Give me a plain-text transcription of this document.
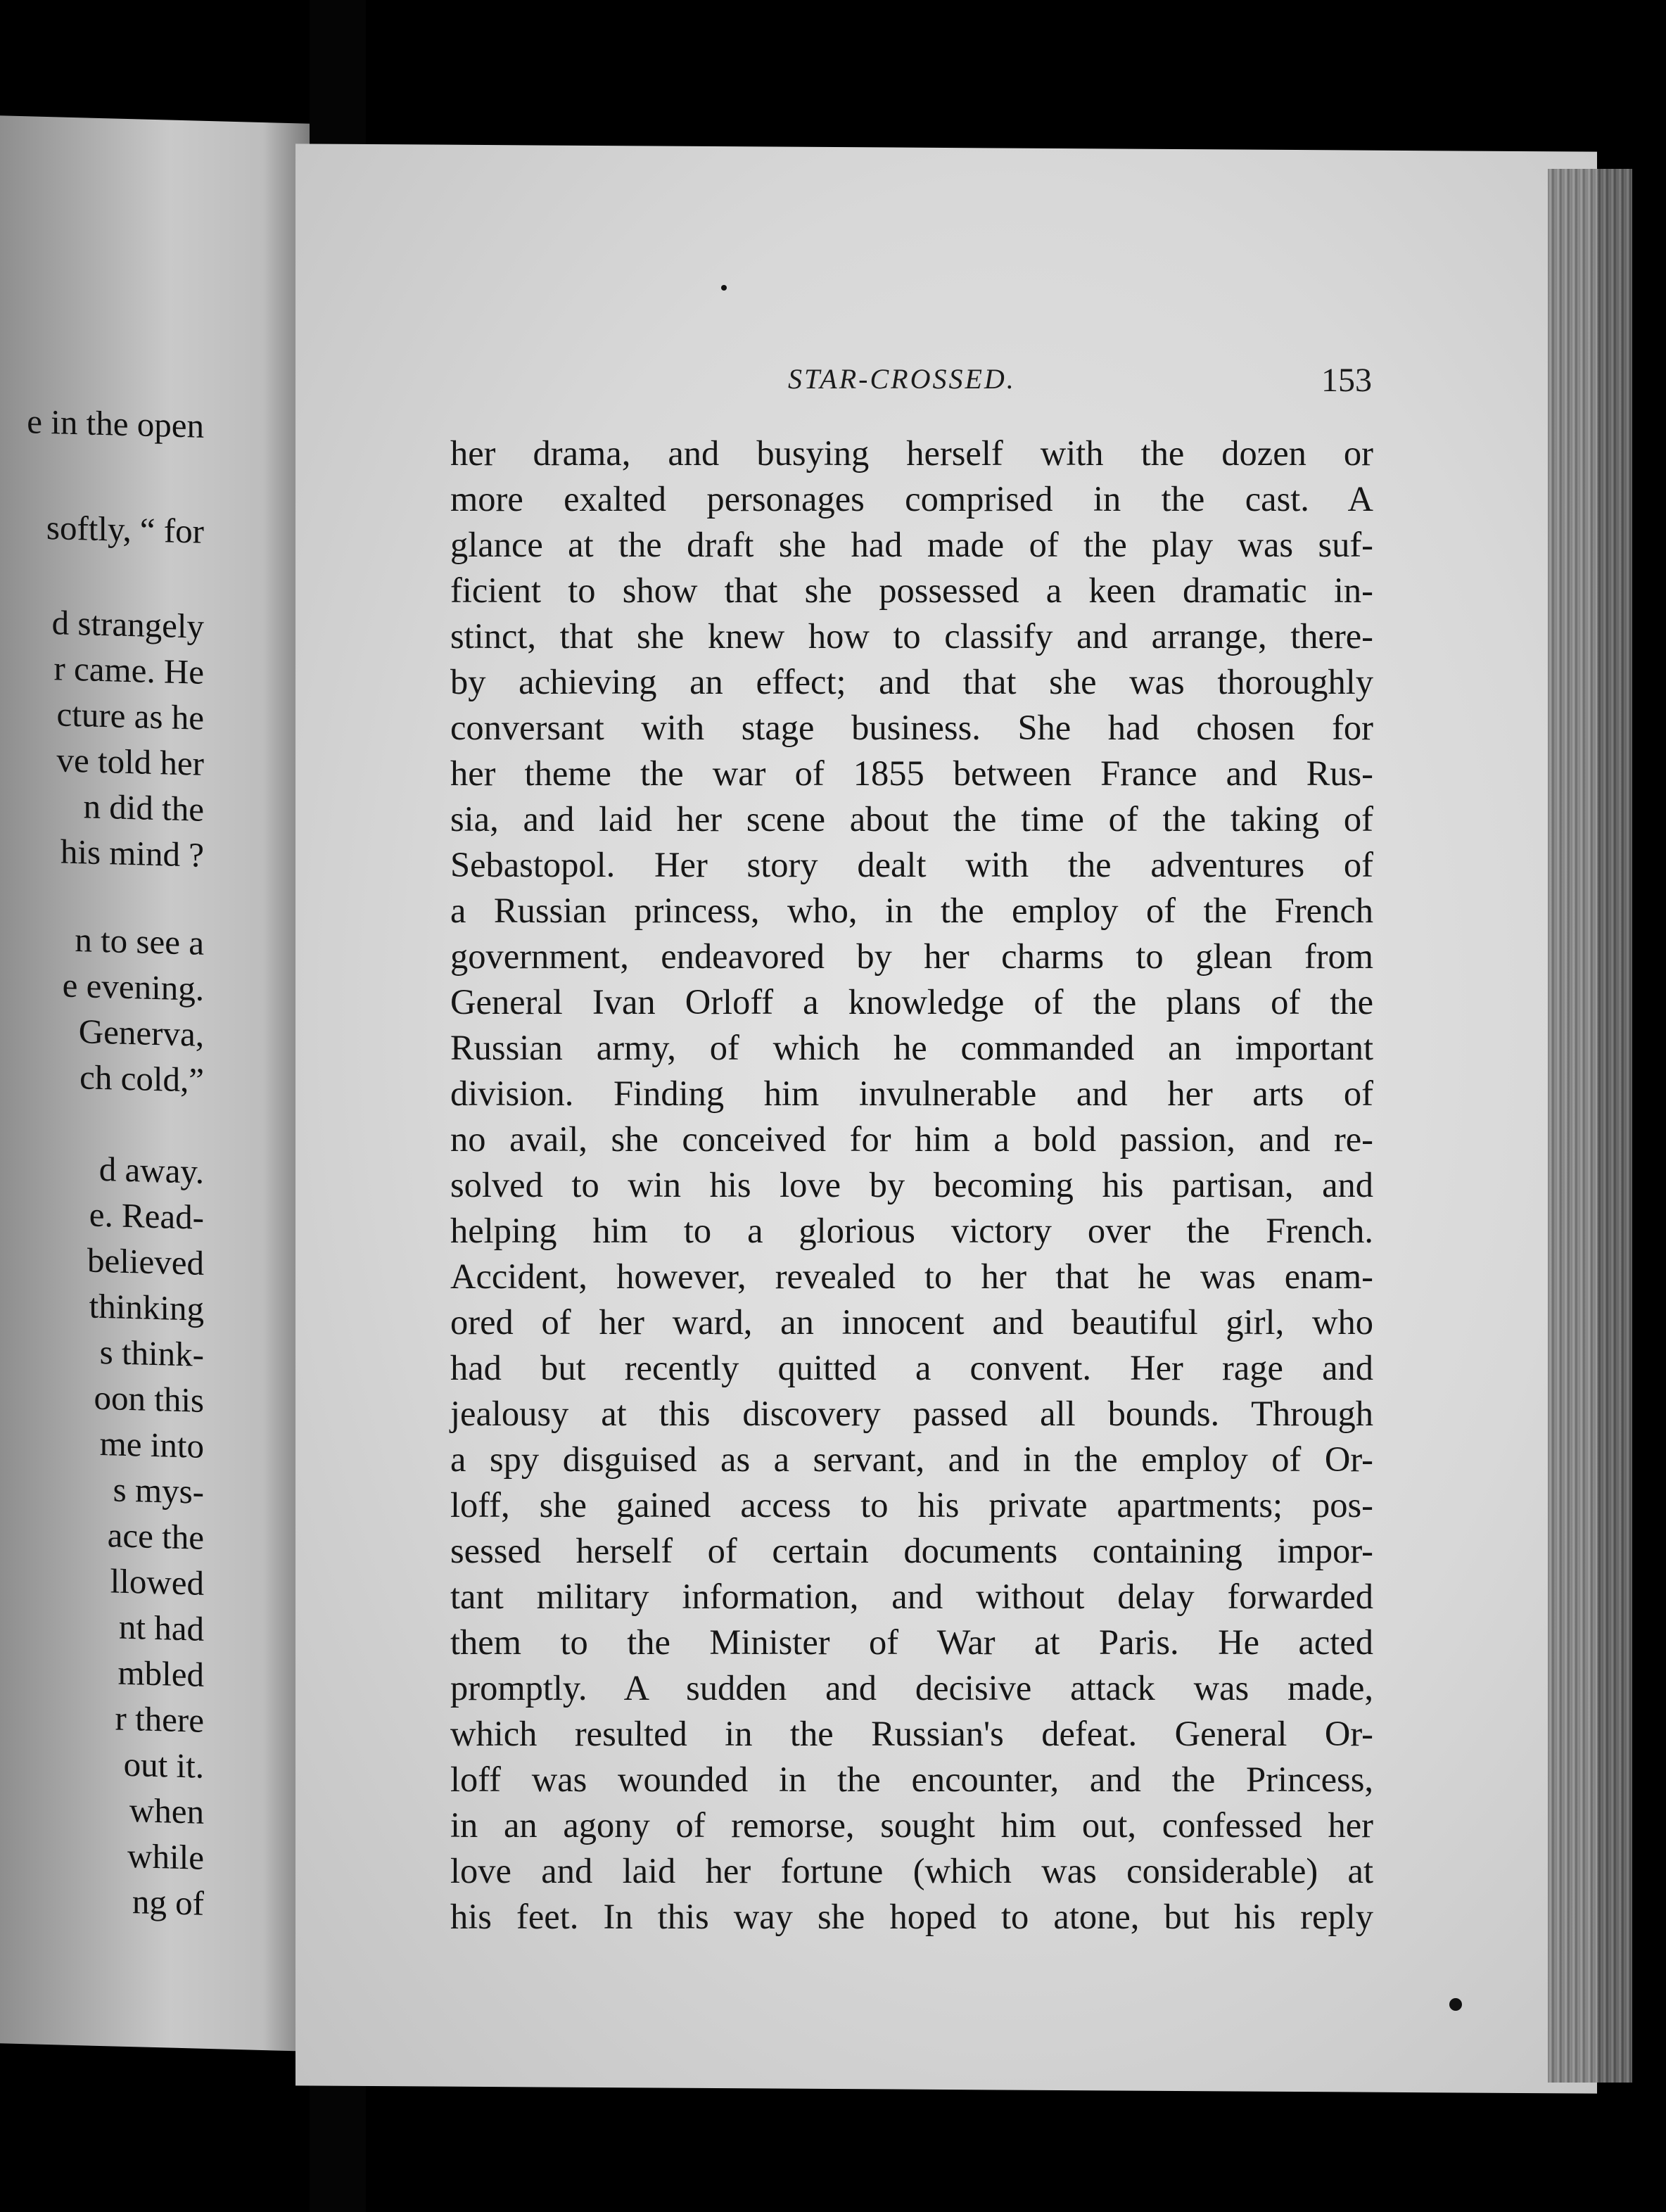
e in the open
softly, “ for
d strangely
r came. He
cture as he
ve told her
n did the
his mind ?
n to see a
e evening.
Generva,
ch cold,”
d away.
e. Read-
believed
thinking
s think-
oon this
me into
s mys-
ace the
llowed
nt had
mbled
r there
out it.
when
while
ng of
STAR-CROSSED.	153
her drama, and busying herself with the dozen or
more exalted personages comprised in the cast. A
glance at the draft she had made of the play was suf-
ficient to show that she possessed a keen dramatic in-
stinct, that she knew how to classify and arrange, there-
by achieving an effect; and that she was thoroughly
conversant with stage business. She had chosen for
her theme the war of 1855 between France and Rus-
sia, and laid her scene about the time of the taking of
Sebastopol. Her story dealt with the adventures of
a Russian princess, who, in the employ of the French
government, endeavored by her charms to glean from
General Ivan Orloff a knowledge of the plans of the
Russian army, of which he commanded an important
division. Finding him invulnerable and her arts of
no avail, she conceived for him a bold passion, and re-
solved to win his love by becoming his partisan, and
helping him to a glorious victory over the French.
Accident, however, revealed to her that he was enam-
ored of her ward, an innocent and beautiful girl, who
had but recently quitted a convent. Her rage and
jealousy at this discovery passed all bounds. Through
a spy disguised as a servant, and in the employ of Or-
loff, she gained access to his private apartments; pos-
sessed herself of certain documents containing impor-
tant military information, and without delay forwarded
them to the Minister of War at Paris. He acted
promptly. A sudden and decisive attack was made,
which resulted in the Russian's defeat. General Or-
loff was wounded in the encounter, and the Princess,
in an agony of remorse, sought him out, confessed her
love and laid her fortune (which was considerable) at
his feet. In this way she hoped to atone, but his reply
